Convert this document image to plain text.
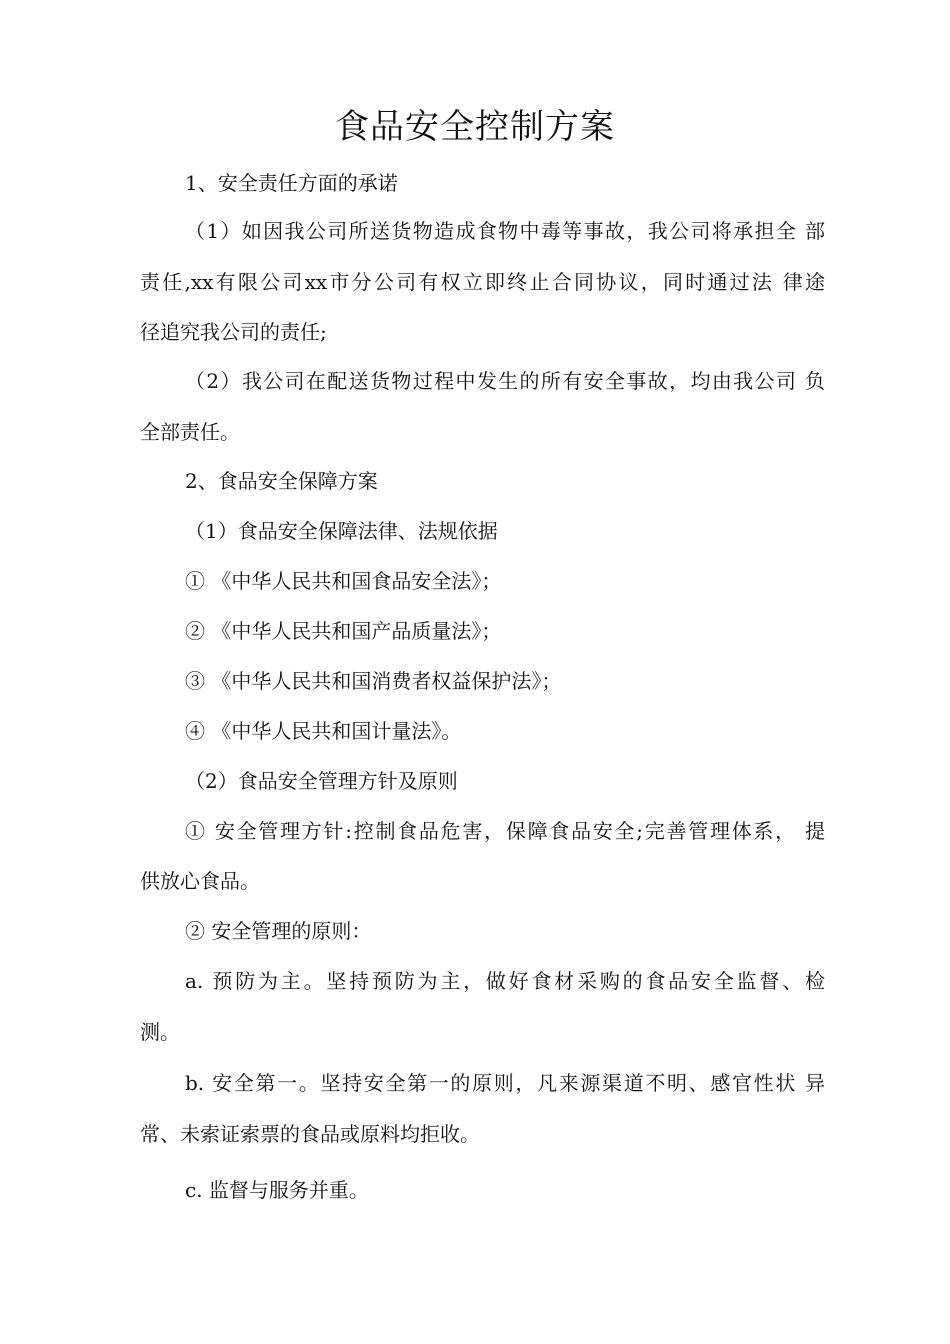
食品安全控制方案

1、安全责任方面的承诺

（1）如因我公司所送货物造成食物中毒等事故，我公司将承担全 部

责任,xx有限公司xx市分公司有权立即终止合同协议，同时通过法 律途

径追究我公司的责任;

（2）我公司在配送货物过程中发生的所有安全事故，均由我公司 负

全部责任。

2、食品安全保障方案

（1）食品安全保障法律、法规依据

① 《中华人民共和国食品安全法》；

② 《中华人民共和国产品质量法》；

③ 《中华人民共和国消费者权益保护法》；

④ 《中华人民共和国计量法》。

（2）食品安全管理方针及原则

① 安全管理方针:控制食品危害，保障食品安全;完善管理体系， 提

供放心食品。

② 安全管理的原则：

a. 预防为主。坚持预防为主，做好食材采购的食品安全监督、检

测。

b. 安全第一。坚持安全第一的原则，凡来源渠道不明、感官性状 异

常、未索证索票的食品或原料均拒收。

c. 监督与服务并重。
